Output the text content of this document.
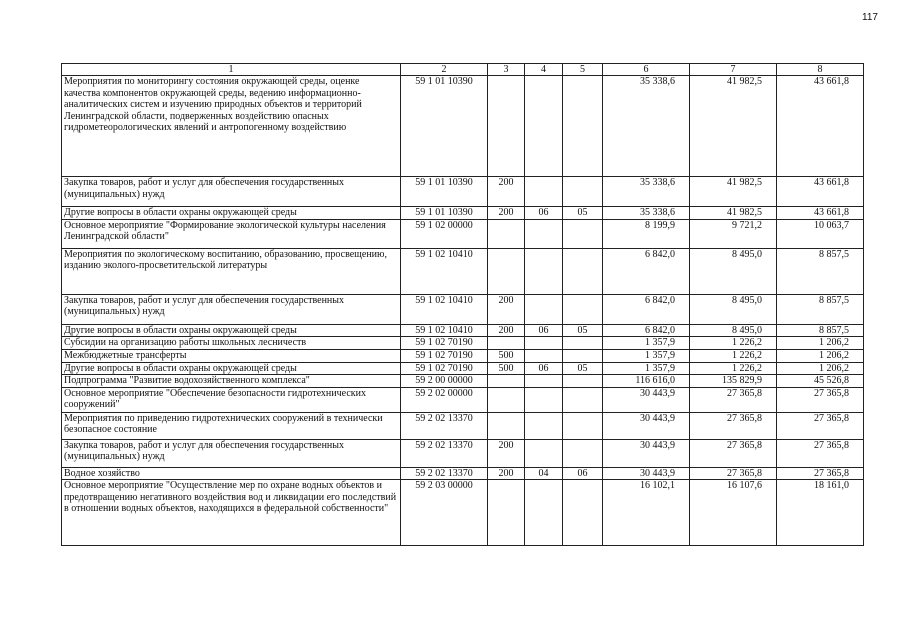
117
1	2	3	4	5	6	7	8
Мероприятия по мониторингу состояния окружающей среды, оценке качества компонентов окружающей среды, ведению информационно-аналитических систем и изучению природных объектов и территорий Ленинградской области, подверженных воздействию опасных гидрометеорологических явлений и антропогенному воздействию	59 1 01 10390				35 338,6	41 982,5	43 661,8
Закупка товаров, работ и услуг для обеспечения государственных (муниципальных) нужд	59 1 01 10390	200			35 338,6	41 982,5	43 661,8
Другие вопросы в области охраны окружающей среды	59 1 01 10390	200	06	05	35 338,6	41 982,5	43 661,8
Основное мероприятие "Формирование экологической культуры населения Ленинградской области"	59 1 02 00000				8 199,9	9 721,2	10 063,7
Мероприятия по экологическому воспитанию, образованию, просвещению, изданию эколого-просветительской литературы	59 1 02 10410				6 842,0	8 495,0	8 857,5
Закупка товаров, работ и услуг для обеспечения государственных (муниципальных) нужд	59 1 02 10410	200			6 842,0	8 495,0	8 857,5
Другие вопросы в области охраны окружающей среды	59 1 02 10410	200	06	05	6 842,0	8 495,0	8 857,5
Субсидии на организацию работы школьных лесничеств	59 1 02 70190				1 357,9	1 226,2	1 206,2
Межбюджетные трансферты	59 1 02 70190	500			1 357,9	1 226,2	1 206,2
Другие вопросы в области охраны окружающей среды	59 1 02 70190	500	06	05	1 357,9	1 226,2	1 206,2
Подпрограмма "Развитие водохозяйственного комплекса"	59 2 00 00000				116 616,0	135 829,9	45 526,8
Основное мероприятие "Обеспечение безопасности гидротехнических сооружений"	59 2 02 00000				30 443,9	27 365,8	27 365,8
Мероприятия по приведению гидротехнических сооружений в технически безопасное состояние	59 2 02 13370				30 443,9	27 365,8	27 365,8
Закупка товаров, работ и услуг для обеспечения государственных (муниципальных) нужд	59 2 02 13370	200			30 443,9	27 365,8	27 365,8
Водное хозяйство	59 2 02 13370	200	04	06	30 443,9	27 365,8	27 365,8
Основное мероприятие "Осуществление мер по охране водных объектов и предотвращению негативного воздействия вод и ликвидации его последствий в отношении водных объектов, находящихся в федеральной собственности"	59 2 03 00000				16 102,1	16 107,6	18 161,0
